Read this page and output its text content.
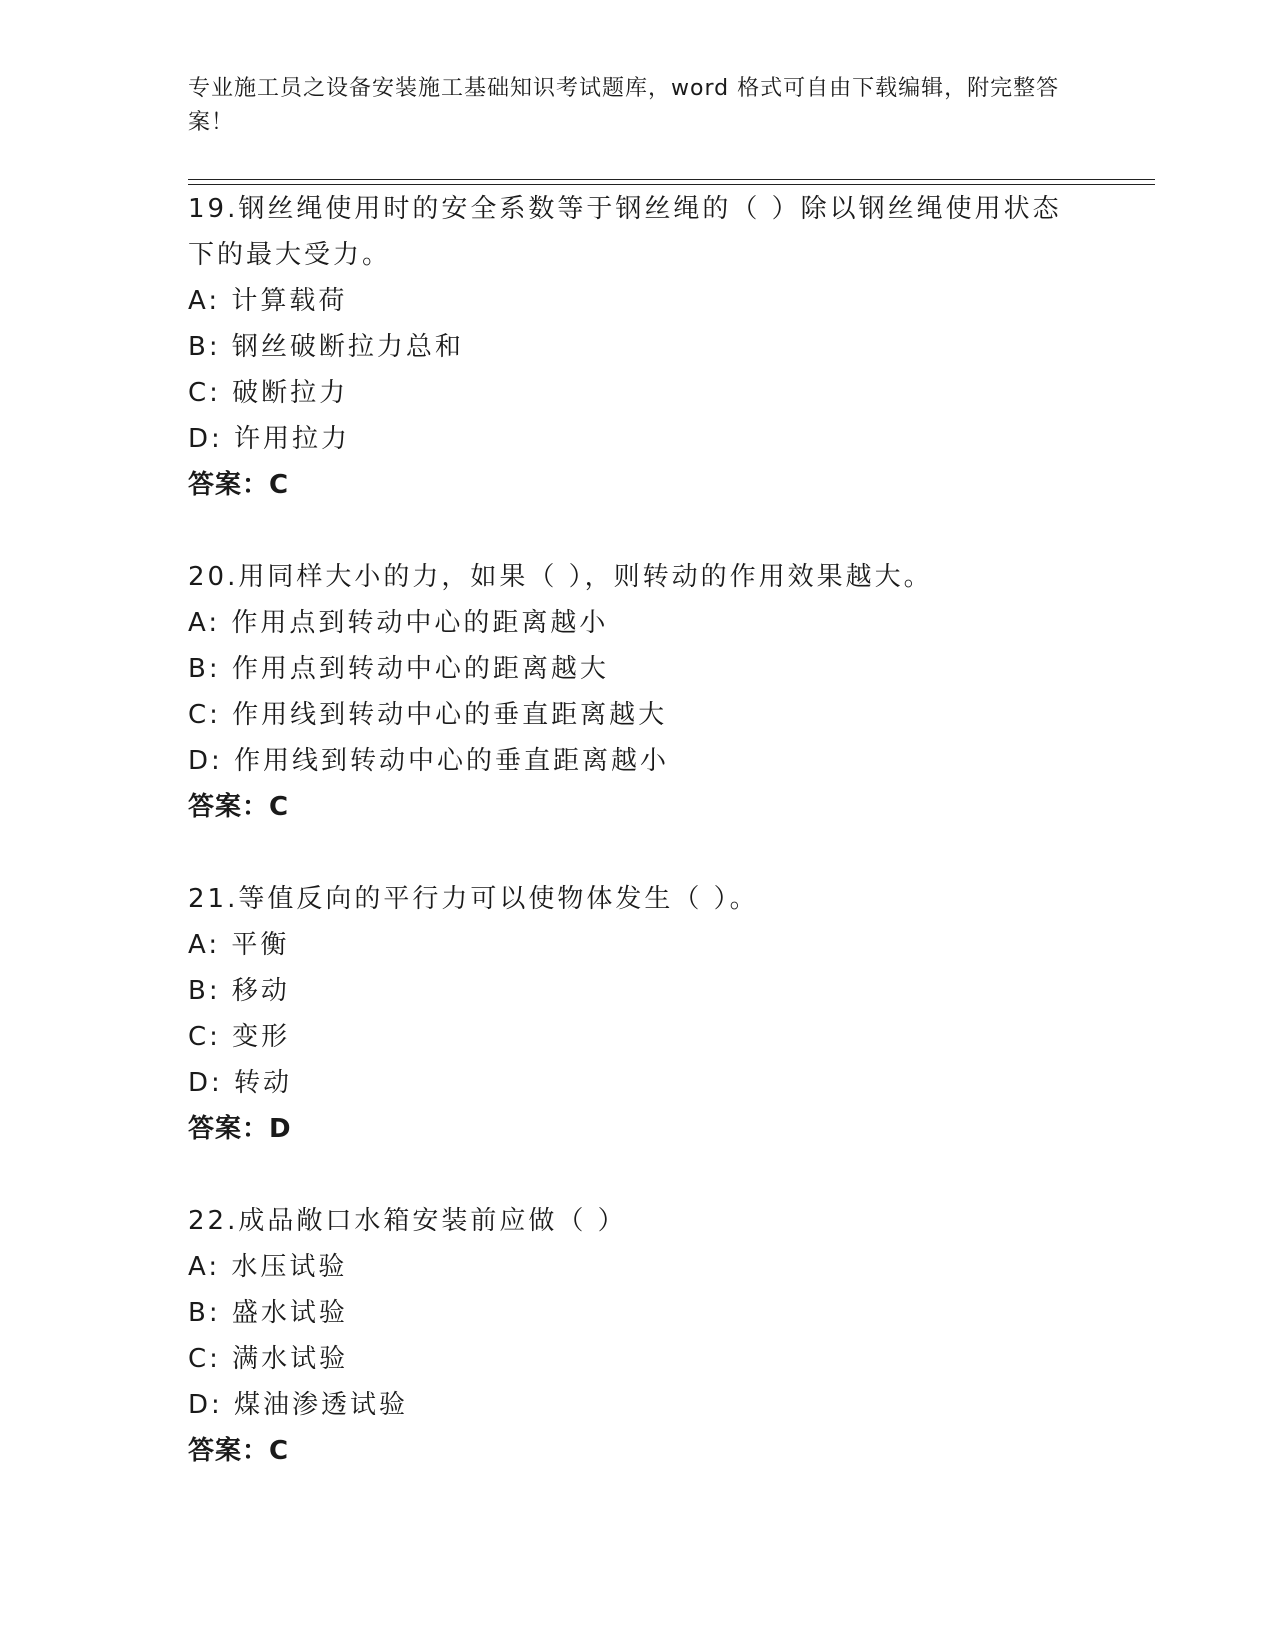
专业施工员之设备安装施工基础知识考试题库，word 格式可自由下载编辑，附完整答案！
19.钢丝绳使用时的安全系数等于钢丝绳的（ ）除以钢丝绳使用状态下的最大受力。
A: 计算载荷
B: 钢丝破断拉力总和
C: 破断拉力
D: 许用拉力
答案：C
20.用同样大小的力，如果（ ），则转动的作用效果越大。
A: 作用点到转动中心的距离越小
B: 作用点到转动中心的距离越大
C: 作用线到转动中心的垂直距离越大
D: 作用线到转动中心的垂直距离越小
答案：C
21.等值反向的平行力可以使物体发生（ ）。
A: 平衡
B: 移动
C: 变形
D: 转动
答案：D
22.成品敞口水箱安装前应做（ ）
A: 水压试验
B: 盛水试验
C: 满水试验
D: 煤油渗透试验
答案：C
